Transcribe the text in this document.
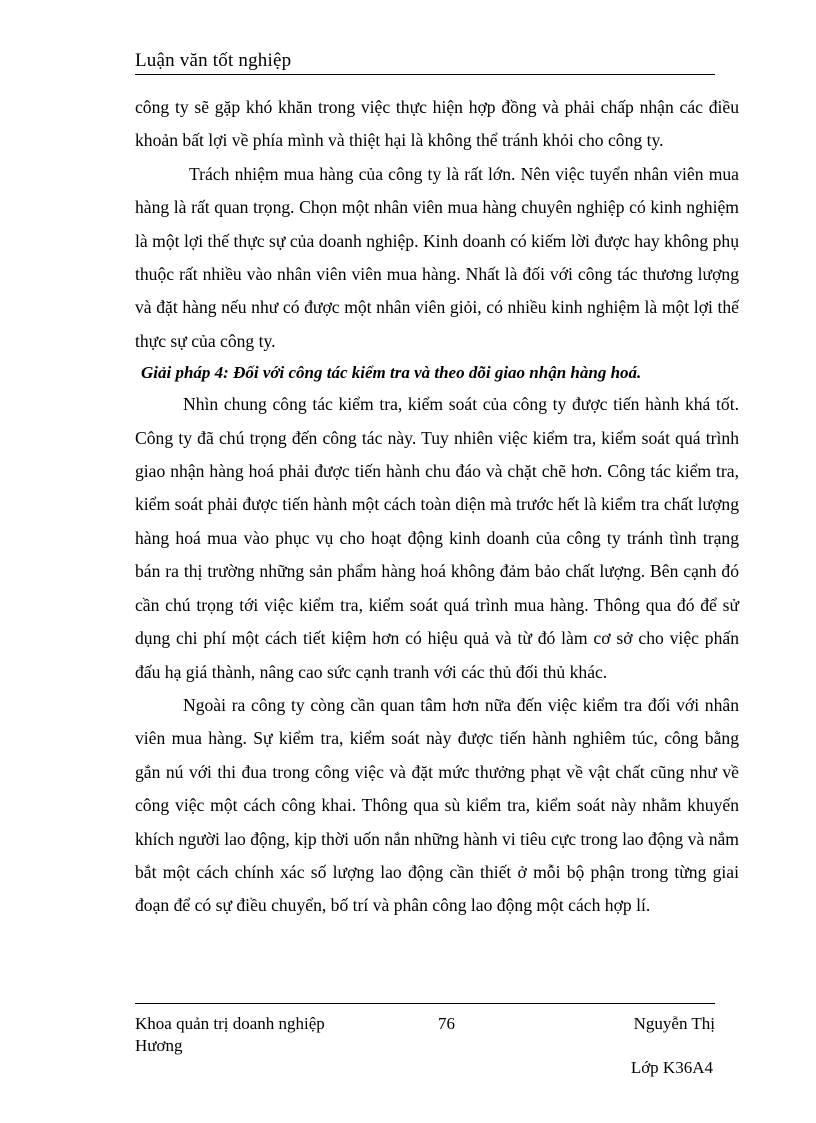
Luận văn tốt nghiệp

công ty sẽ gặp khó khăn trong việc thực hiện hợp đồng và phải chấp nhận các điều khoản bất lợi về phía mình và thiệt hại là không thể tránh khỏi cho công ty.

Trách nhiệm mua hàng của công ty là rất lớn. Nên việc tuyển nhân viên mua hàng là rất quan trọng. Chọn một nhân viên mua hàng chuyên nghiệp có kinh nghiệm là một lợi thế thực sự của doanh nghiệp. Kinh doanh có kiếm lời được hay không phụ thuộc rất nhiều vào nhân viên viên mua hàng. Nhất là đối với công tác thương lượng và đặt hàng nếu như có được một nhân viên giỏi, có nhiều kinh nghiệm là một lợi thế thực sự của công ty.

Giải pháp 4: Đối với công tác kiểm tra và theo dõi giao nhận hàng hoá.

Nhìn chung công tác kiểm tra, kiểm soát của công ty được tiến hành khá tốt. Công ty đã chú trọng đến công tác này. Tuy nhiên việc kiểm tra, kiểm soát quá trình giao nhận hàng hoá phải được tiến hành chu đáo và chặt chẽ hơn. Công tác kiểm tra, kiểm soát phải được tiến hành một cách toàn diện mà trước hết là kiểm tra chất lượng hàng hoá mua vào phục vụ cho hoạt động kinh doanh của công ty tránh tình trạng bán ra thị trường những sản phẩm hàng hoá không đảm bảo chất lượng. Bên cạnh đó cần chú trọng tới việc kiểm tra, kiểm soát quá trình mua hàng. Thông qua đó để sử dụng chi phí một cách tiết kiệm hơn có hiệu quả và từ đó làm cơ sở cho việc phấn đấu hạ giá thành, nâng cao sức cạnh tranh với các thủ đối thủ khác.

Ngoài ra công ty còng cần quan tâm hơn nữa đến việc kiểm tra đối với nhân viên mua hàng. Sự kiểm tra, kiểm soát này được tiến hành nghiêm túc, công bằng gắn nú với thi đua trong công việc và đặt mức thưởng phạt về vật chất cũng như về công việc một cách công khai. Thông qua sù kiểm tra, kiểm soát này nhằm khuyến khích người lao động, kịp thời uốn nắn những hành vi tiêu cực trong lao động và nắm bắt một cách chính xác số lượng lao động cần thiết ở mỗi bộ phận trong từng giai đoạn để có sự điều chuyển, bố trí và phân công lao động một cách hợp lí.

Khoa quản trị doanh nghiệp
Hương
76	Nguyễn Thị
Lớp K36A4
